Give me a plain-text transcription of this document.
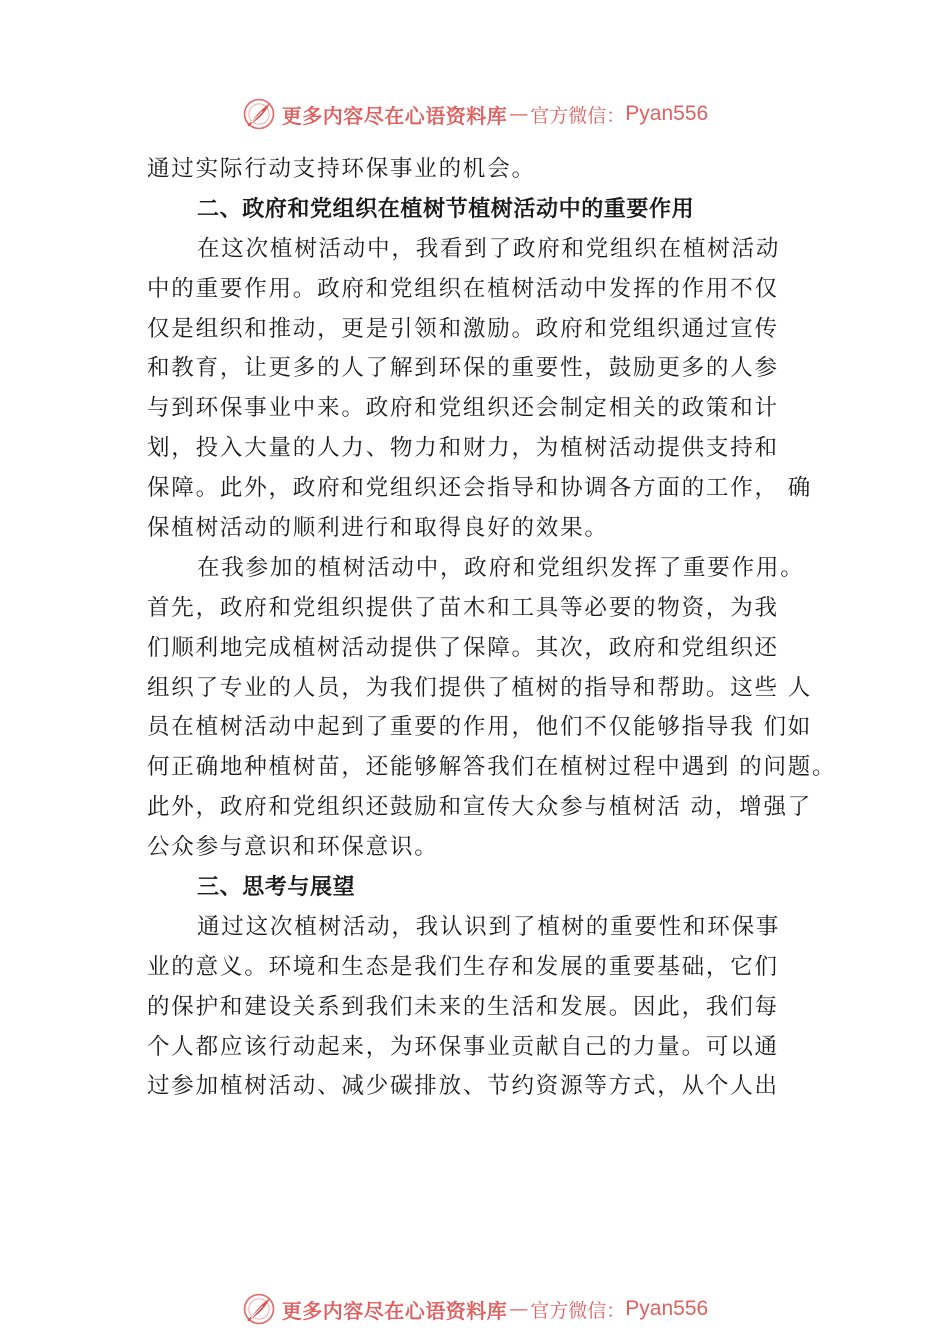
更多内容尽在心语资料库 — 官方微信： Pyan556
通过实际行动支持环保事业的机会。
二、政府和党组织在植树节植树活动中的重要作用
在这次植树活动中，我看到了政府和党组织在植树活动
中的重要作用。政府和党组织在植树活动中发挥的作用不仅
仅是组织和推动，更是引领和激励。政府和党组织通过宣传
和教育，让更多的人了解到环保的重要性，鼓励更多的人参
与到环保事业中来。政府和党组织还会制定相关的政策和计
划，投入大量的人力、物力和财力，为植树活动提供支持和
保障。此外，政府和党组织还会指导和协调各方面的工作， 确
保植树活动的顺利进行和取得良好的效果。
在我参加的植树活动中，政府和党组织发挥了重要作用。
首先，政府和党组织提供了苗木和工具等必要的物资，为我
们顺利地完成植树活动提供了保障。其次，政府和党组织还
组织了专业的人员，为我们提供了植树的指导和帮助。这些 人
员在植树活动中起到了重要的作用，他们不仅能够指导我 们如
何正确地种植树苗，还能够解答我们在植树过程中遇到 的问题。
此外，政府和党组织还鼓励和宣传大众参与植树活 动，增强了
公众参与意识和环保意识。
三、思考与展望
通过这次植树活动，我认识到了植树的重要性和环保事
业的意义。环境和生态是我们生存和发展的重要基础，它们
的保护和建设关系到我们未来的生活和发展。因此，我们每
个人都应该行动起来，为环保事业贡献自己的力量。可以通
过参加植树活动、减少碳排放、节约资源等方式，从个人出
更多内容尽在心语资料库 — 官方微信： Pyan556
